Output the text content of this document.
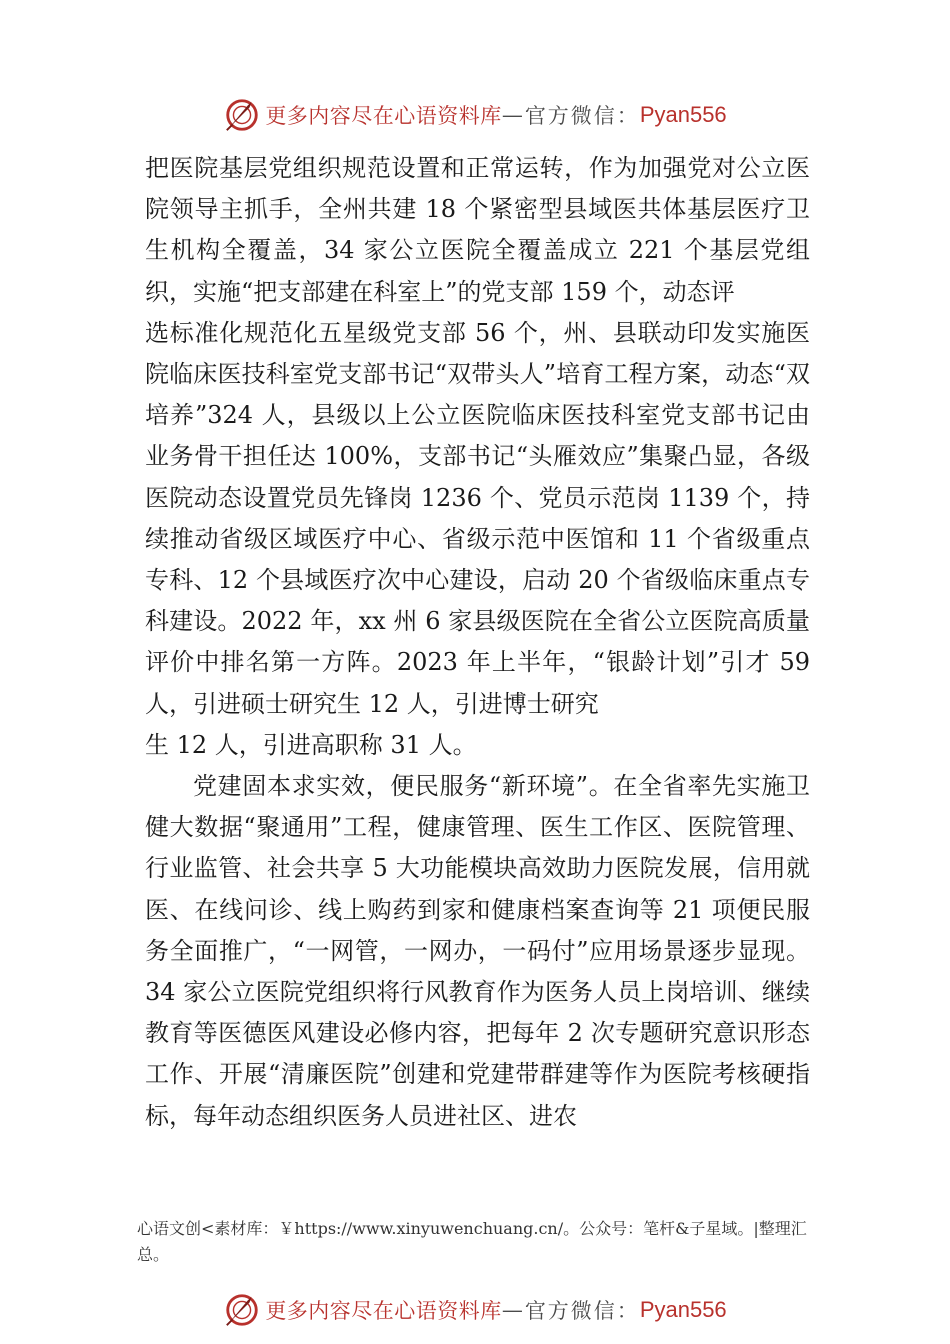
更多内容尽在心语资料库 — 官方微信： Pyan556

把医院基层党组织规范设置和正常运转，作为加强党对公立医院领导主抓手，全州共建 18 个紧密型县域医共体基层医疗卫生机构全覆盖，34 家公立医院全覆盖成立 221 个基层党组织，实施“把支部建在科室上”的党支部 159 个，动态评

选标准化规范化五星级党支部 56 个，州、县联动印发实施医院临床医技科室党支部书记“双带头人”培育工程方案，动态“双培养”324 人，县级以上公立医院临床医技科室党支部书记由业务骨干担任达 100%，支部书记“头雁效应”集聚凸显，各级医院动态设置党员先锋岗 1236 个、党员示范岗 1139 个，持续推动省级区域医疗中心、省级示范中医馆和 11 个省级重点专科、12 个县域医疗次中心建设，启动 20 个省级临床重点专科建设。2022 年，xx 州 6 家县级医院在全省公立医院高质量评价中排名第一方阵。2023 年上半年，“银龄计划”引才 59 人，引进硕士研究生 12 人，引进博士研究

生 12 人，引进高职称 31 人。

党建固本求实效，便民服务“新环境”。在全省率先实施卫健大数据“聚通用”工程，健康管理、医生工作区、医院管理、行业监管、社会共享 5 大功能模块高效助力医院发展，信用就医、在线问诊、线上购药到家和健康档案查询等 21 项便民服务全面推广，“一网管，一网办，一码付”应用场景逐步显现。34 家公立医院党组织将行风教育作为医务人员上岗培训、继续教育等医德医风建设必修内容，把每年 2 次专题研究意识形态工作、开展“清廉医院”创建和党建带群建等作为医院考核硬指标，每年动态组织医务人员进社区、进农

心语文创<素材库：￥https://www.xinyuwenchuang.cn/。公众号：笔杆&子星域。|整理汇总。
更多内容尽在心语资料库 — 官方微信： Pyan556
